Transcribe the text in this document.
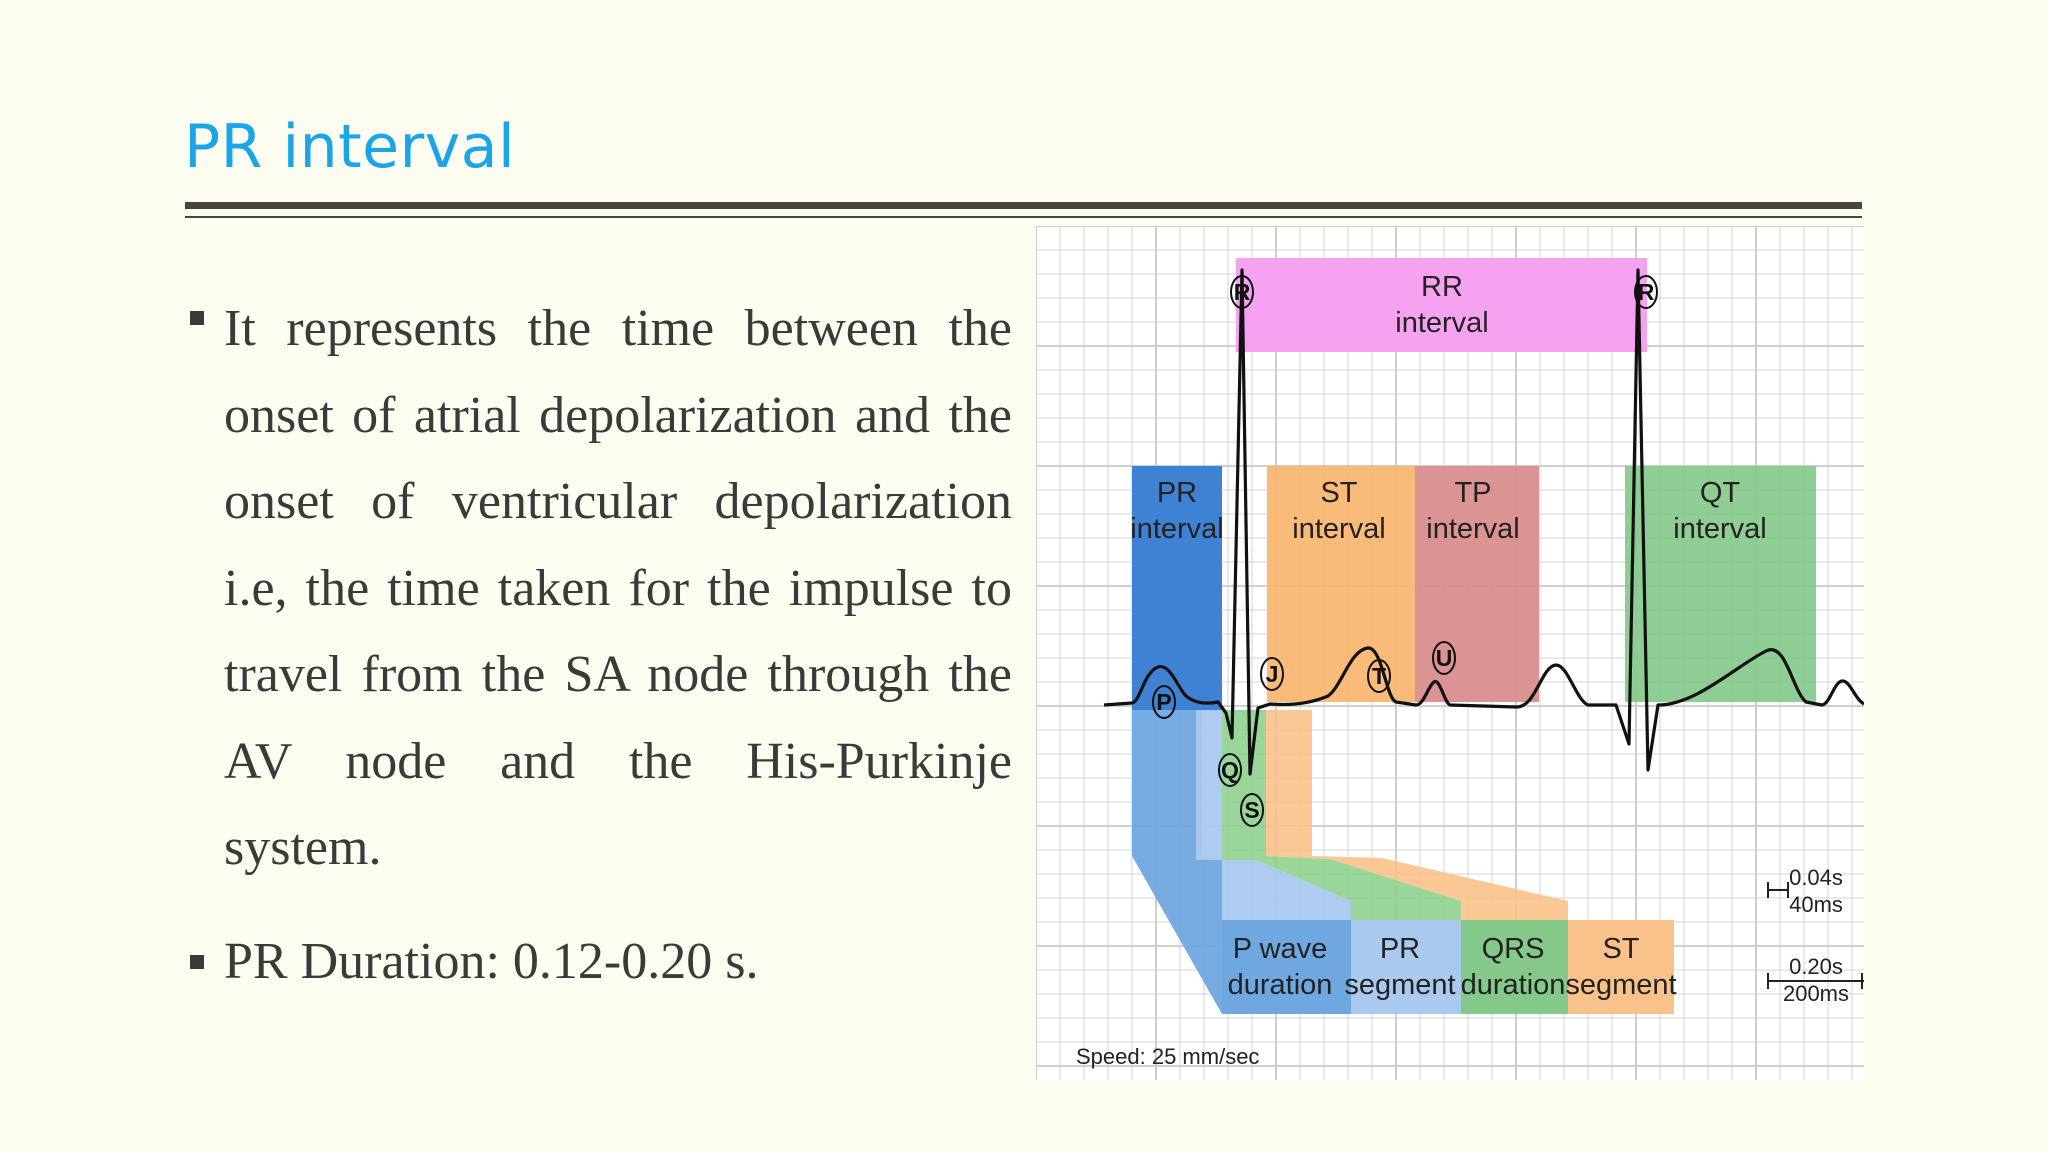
PR interval
It represents the time between the onset of atrial depolarization and the onset of ventricular depolarization i.e, the time taken for the impulse to travel from the SA node through the AV node and the His-Purkinje system.
PR Duration: 0.12-0.20 s.
R	R
P
Q
S
J	T
U
RR
interval
PR
interval
ST
interval
TP
interval
QT
interval
P wave
duration
PR
segment
QRS
duration
ST
segment
0.04s
40ms
0.20s
200ms
Speed: 25 mm/sec
